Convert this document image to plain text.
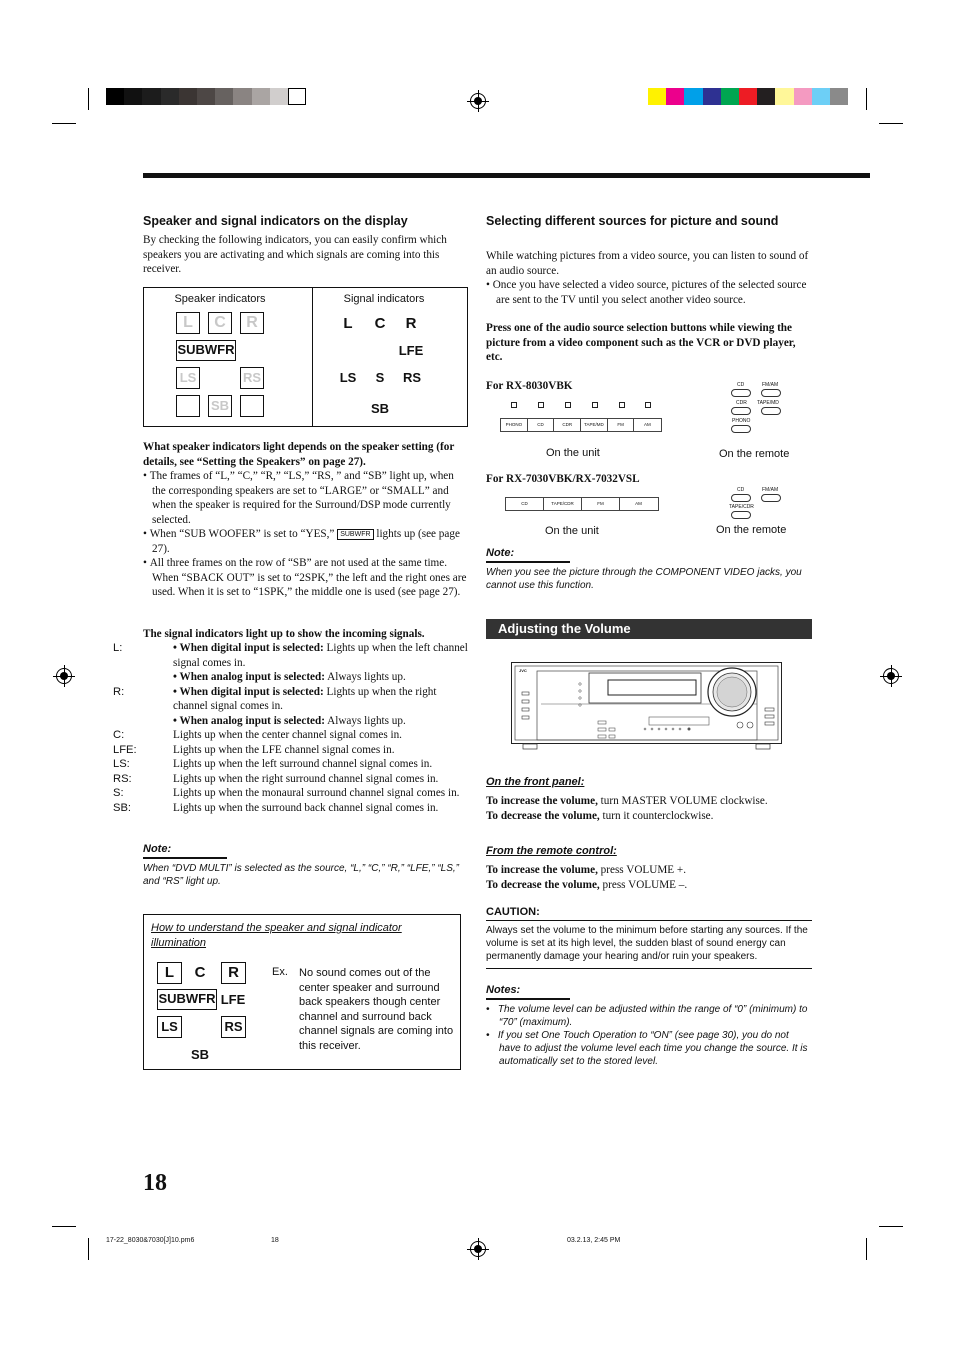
Speaker and signal indicators on the display
By checking the following indicators, you can easily confirm which speakers you are activating and which signals are coming into this receiver.
Speaker indicators	Signal indicators
L	C	R
SUBWFR
LS	RS
SB
L C R
LFE
LS S RS
SB
What speaker indicators light depends on the speaker setting (for details, see “Setting the Speakers” on page 27).
• The frames of “L,” “C,” “R,” “LS,” “RS, ” and “SB” light up, when the corresponding speakers are set to “LARGE” or “SMALL” and when the speaker is required for the Surround/DSP mode currently selected.
• When “SUB WOOFER” is set to “YES,” SUBWFR lights up (see page 27).
• All three frames on the row of “SB” are not used at the same time. When “SBACK OUT” is set to “2SPK,” the left and the right ones are used. When it is set to “1SPK,” the middle one is used (see page 27).
The signal indicators light up to show the incoming signals.
L:	• When digital input is selected: Lights up when the left channel signal comes in.
• When analog input is selected: Always lights up.
R:	• When digital input is selected: Lights up when the right channel signal comes in.
• When analog input is selected: Always lights up.
C:	Lights up when the center channel signal comes in.
LFE:	Lights up when the LFE channel signal comes in.
LS:	Lights up when the left surround channel signal comes in.
RS:	Lights up when the right surround channel signal comes in.
S:	Lights up when the monaural surround channel signal comes in.
SB:	Lights up when the surround back channel signal comes in.
Note:
When “DVD MULTI” is selected as the source, “L,” “C,” “R,” “LFE,” “LS,” and “RS” light up.
How to understand the speaker and signal indicator illumination
L	C	R
SUBWFR LFE
LS	RS
SB
Ex. No sound comes out of the center speaker and surround back speakers though center channel and surround back channel signals are coming into this receiver.
18
Selecting different sources for picture and sound
While watching pictures from a video source, you can listen to sound of an audio source.
• Once you have selected a video source, pictures of the selected source are sent to the TV until you select another video source.
Press one of the audio source selection buttons while viewing the picture from a video component such as the VCR or DVD player, etc.
For RX-8030VBK
PHONO	CD	CDR	TAPE/MD	FM	AM
On the unit
CD	FM/AM
CDR TAPE/MD
PHONO
On the remote
For RX-7030VBK/RX-7032VSL
CD	TAPE/CDR	FM	AM
On the unit
CD	FM/AM
TAPE/CDR
On the remote
Note:
When you see the picture through the COMPONENT VIDEO jacks, you cannot use this function.
Adjusting the Volume
JVC
On the front panel:
To increase the volume, turn MASTER VOLUME clockwise.
To decrease the volume, turn it counterclockwise.
From the remote control:
To increase the volume, press VOLUME +.
To decrease the volume, press VOLUME –.
CAUTION:
Always set the volume to the minimum before starting any sources. If the volume is set at its high level, the sudden blast of sound energy can permanently damage your hearing and/or ruin your speakers.
Notes:
•   The volume level can be adjusted within the range of “0” (minimum) to “70” (maximum).
•   If you set One Touch Operation to “ON” (see page 30), you do not have to adjust the volume level each time you change the source. It is automatically set to the stored level.
17-22_8030&7030[J]10.pm6	18	03.2.13, 2:45 PM
